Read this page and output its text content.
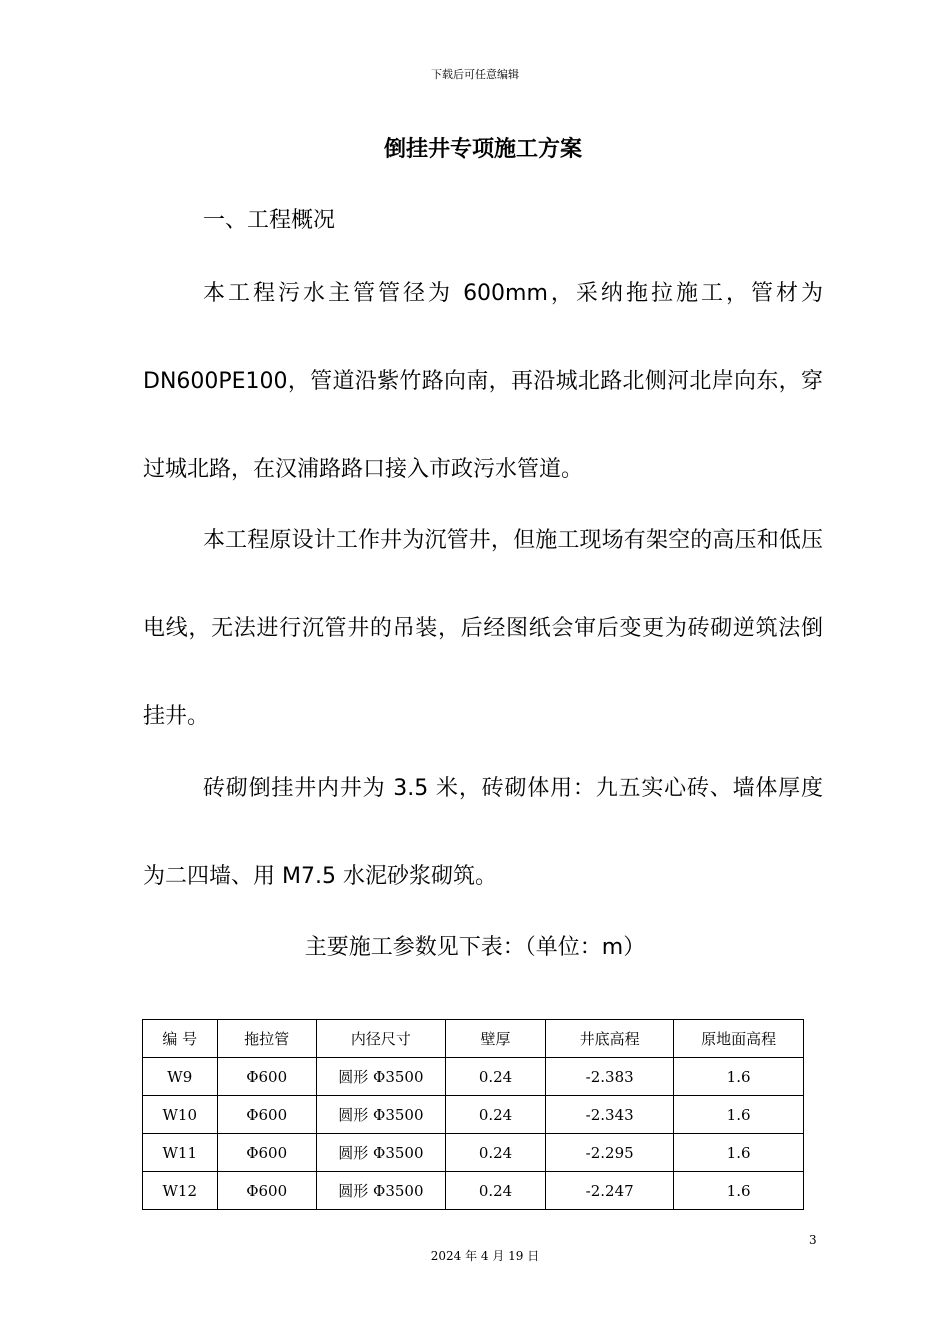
下载后可任意编辑
倒挂井专项施工方案
一、工程概况
本工程污水主管管径为 600mm，采纳拖拉施工，管材为 DN600PE100，管道沿紫竹路向南，再沿城北路北侧河北岸向东，穿过城北路，在汉浦路路口接入市政污水管道。
本工程原设计工作井为沉管井，但施工现场有架空的高压和低压电线，无法进行沉管井的吊装，后经图纸会审后变更为砖砌逆筑法倒挂井。
砖砌倒挂井内井为 3.5 米，砖砌体用：九五实心砖、墙体厚度为二四墙、用 M7.5 水泥砂浆砌筑。
主要施工参数见下表：（单位：m）
编 号	拖拉管	内径尺寸	壁厚	井底高程	原地面高程
W9	Φ600	圆形 Φ3500	0.24	-2.383	1.6
W10	Φ600	圆形 Φ3500	0.24	-2.343	1.6
W11	Φ600	圆形 Φ3500	0.24	-2.295	1.6
W12	Φ600	圆形 Φ3500	0.24	-2.247	1.6
3
2024 年 4 月 19 日
